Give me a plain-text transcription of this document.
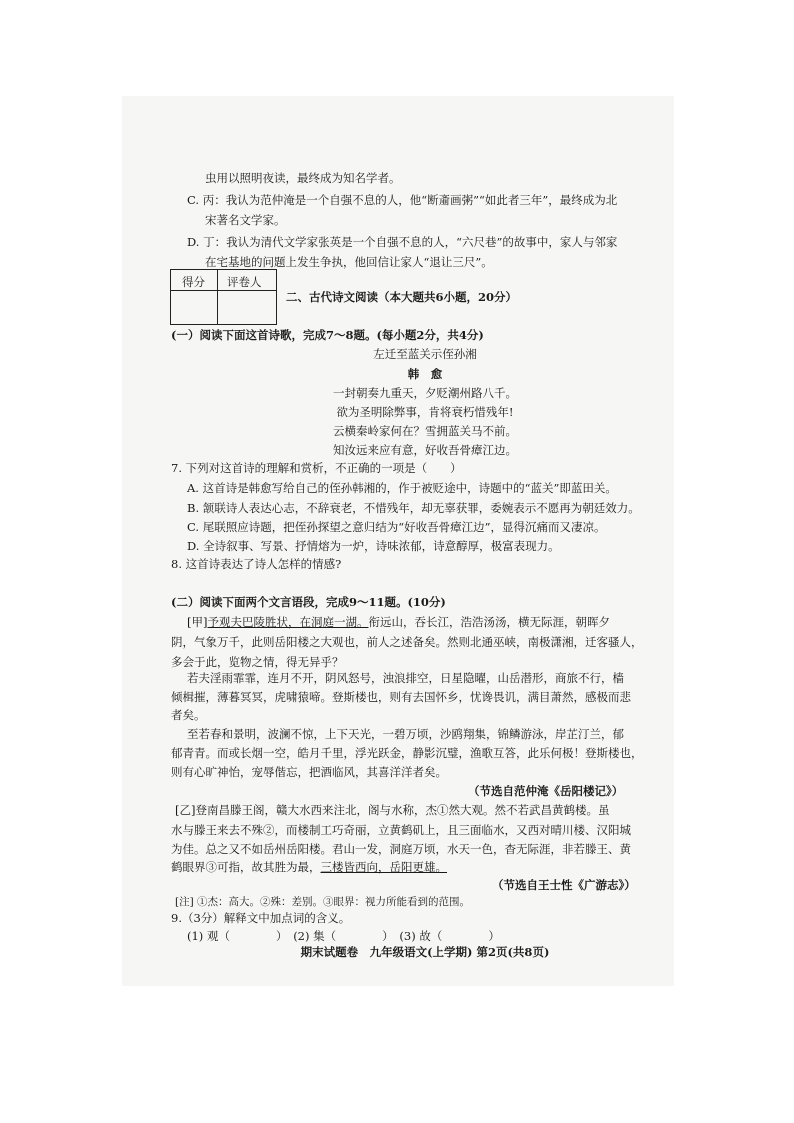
虫用以照明夜读，最终成为知名学者。
C. 丙：我认为范仲淹是一个自强不息的人，他“断齑画粥”“如此者三年”，最终成为北
宋著名文学家。
D. 丁：我认为清代文学家张英是一个自强不息的人，“六尺巷”的故事中，家人与邻家
在宅基地的问题上发生争执，他回信让家人“退让三尺”。
得分 评卷人
二、古代诗文阅读（本大题共6小题，20分）
(一）阅读下面这首诗歌，完成7～8题。(每小题2分，共4分)
左迁至蓝关示侄孙湘
韩　愈
一封朝奏九重天，夕贬潮州路八千。
欲为圣明除弊事，肯将衰朽惜残年!
云横秦岭家何在？雪拥蓝关马不前。
知汝远来应有意，好收吾骨瘴江边。
7. 下列对这首诗的理解和赏析，不正确的一项是（　　）
A. 这首诗是韩愈写给自己的侄孙韩湘的，作于被贬途中，诗题中的“蓝关”即蓝田关。
B. 颔联诗人表达心志，不辞衰老，不惜残年，却无辜获罪，委婉表示不愿再为朝廷效力。
C. 尾联照应诗题，把侄孙探望之意归结为“好收吾骨瘴江边”，显得沉痛而又凄凉。
D. 全诗叙事、写景、抒情熔为一炉，诗味浓郁，诗意醇厚，极富表现力。
8. 这首诗表达了诗人怎样的情感?
(二）阅读下面两个文言语段，完成9～11题。(10分)
[甲]予观夫巴陵胜状，在洞庭一湖。衔远山，吞长江，浩浩汤汤，横无际涯，朝晖夕
阴，气象万千，此则岳阳楼之大观也，前人之述备矣。然则北通巫峡，南极潇湘，迁客骚人，
多会于此，览物之情，得无异乎？
若夫淫雨霏霏，连月不开，阴风怒号，浊浪排空，日星隐曜，山岳潜形，商旅不行，樯
倾楫摧，薄暮冥冥，虎啸猿啼。登斯楼也，则有去国怀乡，忧谗畏讥，满目萧然，感极而悲
者矣。
至若春和景明，波澜不惊，上下天光，一碧万顷，沙鸥翔集，锦鳞游泳，岸芷汀兰，郁
郁青青。而或长烟一空，皓月千里，浮光跃金，静影沉璧，渔歌互答，此乐何极！登斯楼也，
则有心旷神怡，宠辱偕忘，把酒临风，其喜洋洋者矣。
（节选自范仲淹《岳阳楼记》）
[乙]登南昌滕王阁，赣大水西来注北，阁与水称，杰①然大观。然不若武昌黄鹤楼。虽
水与滕王来去不殊②，而楼制工巧奇丽，立黄鹤矶上，且三面临水，又西对晴川楼、汉阳城
为佳。总之又不如岳州岳阳楼。君山一发，洞庭万顷，水天一色，杳无际涯，非若滕王、黄
鹤眼界③可指，故其胜为最，三楼皆西向，岳阳更雄。
（节选自王士性《广游志》）
[注] ①杰：高大。②殊：差别。③眼界：视力所能看到的范围。
9.（3分）解释文中加点词的含义。
(1) 观（　　　　）　(2) 集（　　　　）　(3) 故（　　　　）
期末试题卷　九年级语文(上学期) 第2页(共8页)
